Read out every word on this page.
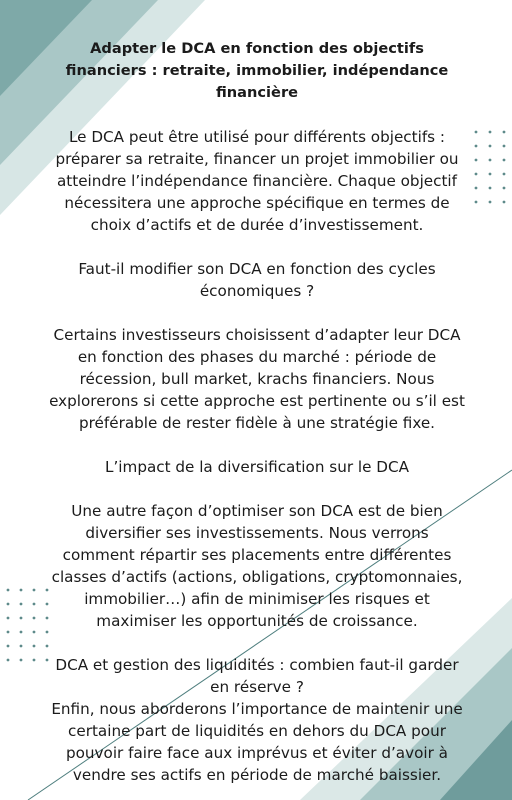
Adapter le DCA en fonction des objectifs financiers : retraite, immobilier, indépendance financière

Le DCA peut être utilisé pour différents objectifs : préparer sa retraite, financer un projet immobilier ou atteindre l’indépendance financière. Chaque objectif nécessitera une approche spécifique en termes de choix d’actifs et de durée d’investissement.

Faut-il modifier son DCA en fonction des cycles économiques ?

Certains investisseurs choisissent d’adapter leur DCA en fonction des phases du marché : période de récession, bull market, krachs financiers. Nous explorerons si cette approche est pertinente ou s’il est préférable de rester fidèle à une stratégie fixe.

L’impact de la diversification sur le DCA

Une autre façon d’optimiser son DCA est de bien diversifier ses investissements. Nous verrons comment répartir ses placements entre différentes classes d’actifs (actions, obligations, cryptomonnaies, immobilier…) afin de minimiser les risques et maximiser les opportunités de croissance.

DCA et gestion des liquidités : combien faut-il garder en réserve ?

Enfin, nous aborderons l’importance de maintenir une certaine part de liquidités en dehors du DCA pour pouvoir faire face aux imprévus et éviter d’avoir à vendre ses actifs en période de marché baissier.
